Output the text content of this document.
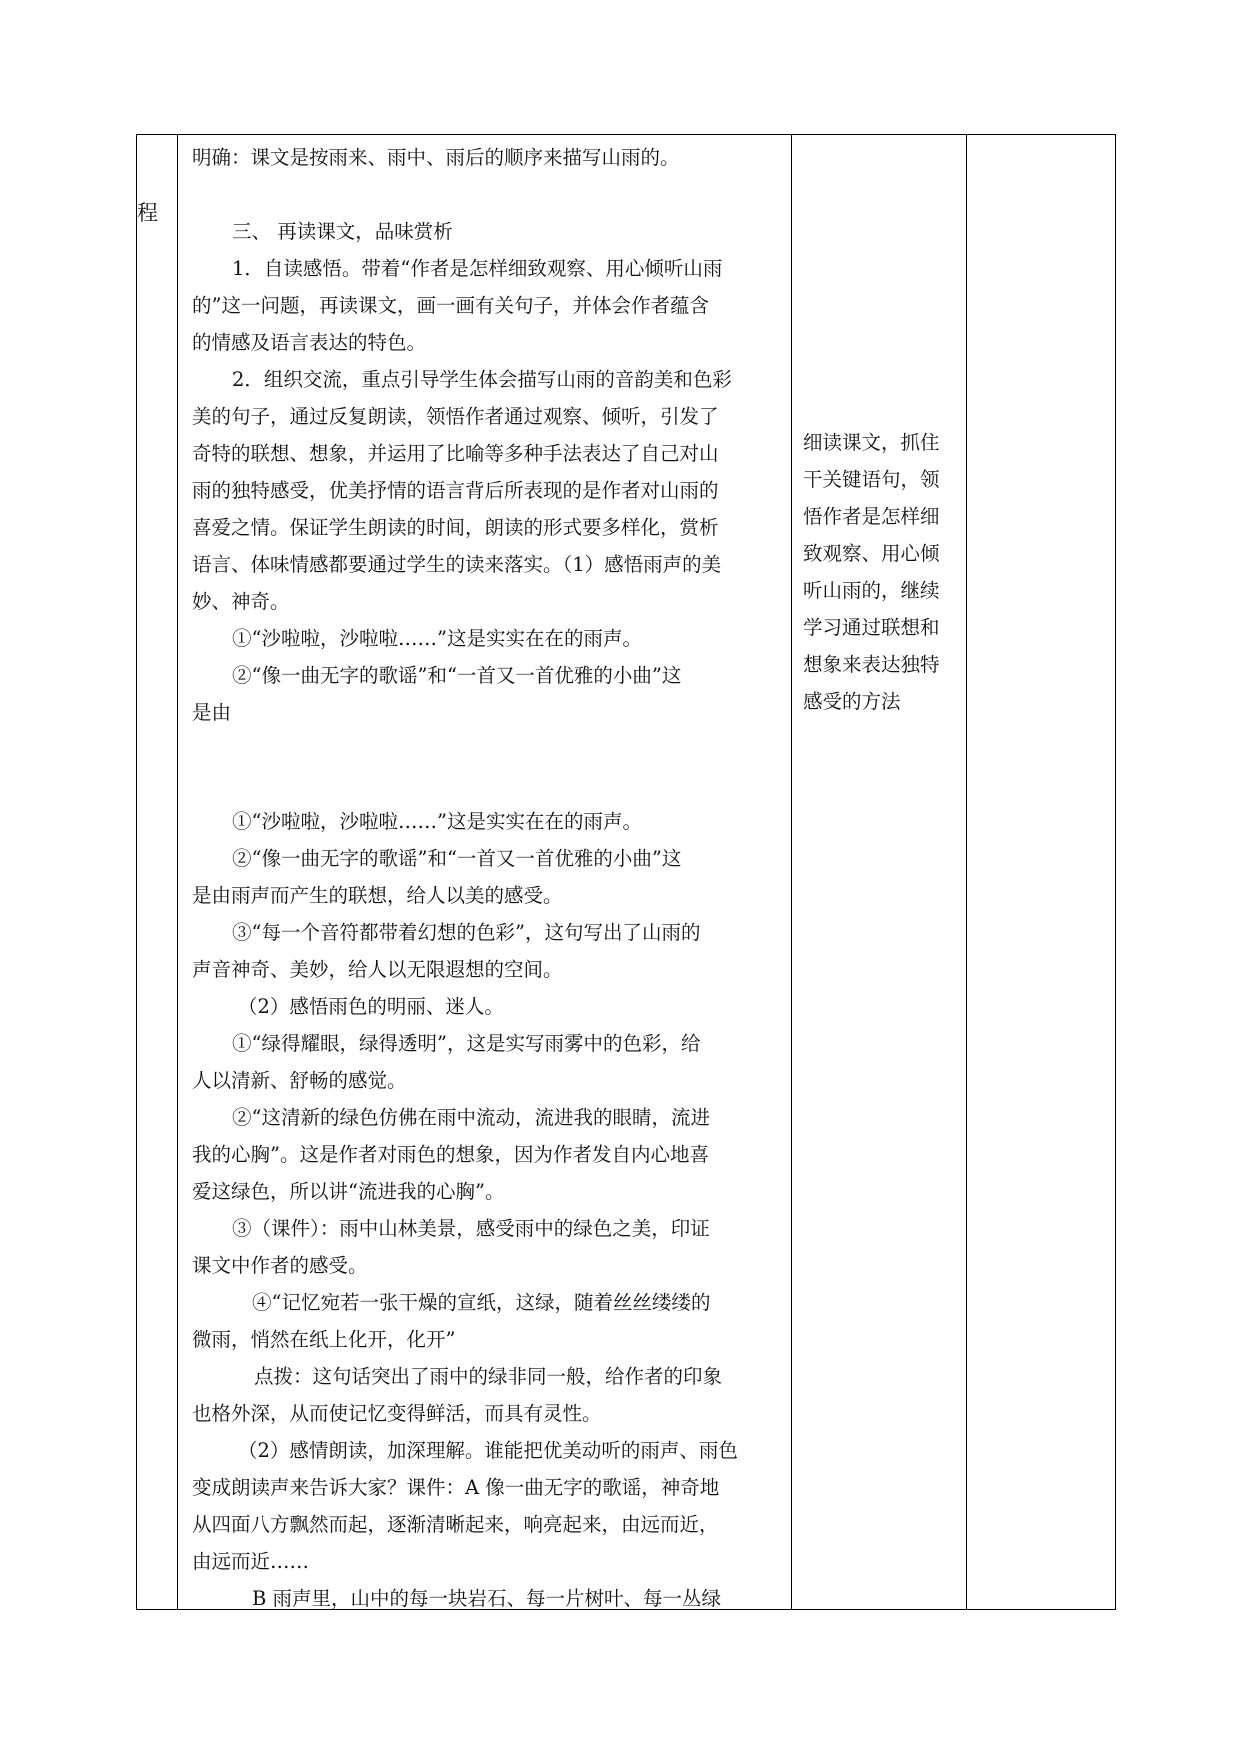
程
明确：课文是按雨来、雨中、雨后的顺序来描写山雨的。
三、 再读课文，品味赏析
1．自读感悟。带着“作者是怎样细致观察、用心倾听山雨
的”这一问题，再读课文，画一画有关句子，并体会作者蕴含
的情感及语言表达的特色。
2．组织交流，重点引导学生体会描写山雨的音韵美和色彩
美的句子，通过反复朗读，领悟作者通过观察、倾听，引发了
奇特的联想、想象，并运用了比喻等多种手法表达了自己对山
雨的独特感受，优美抒情的语言背后所表现的是作者对山雨的
喜爱之情。保证学生朗读的时间，朗读的形式要多样化，赏析
语言、体味情感都要通过学生的读来落实。（1）感悟雨声的美
妙、神奇。
①“沙啦啦，沙啦啦……”这是实实在在的雨声。
②“像一曲无字的歌谣”和“一首又一首优雅的小曲”这
是由
①“沙啦啦，沙啦啦……”这是实实在在的雨声。
②“像一曲无字的歌谣”和“一首又一首优雅的小曲”这
是由雨声而产生的联想，给人以美的感受。
③“每一个音符都带着幻想的色彩”，这句写出了山雨的
声音神奇、美妙，给人以无限遐想的空间。
（2）感悟雨色的明丽、迷人。
①“绿得耀眼，绿得透明”，这是实写雨雾中的色彩，给
人以清新、舒畅的感觉。
②“这清新的绿色仿佛在雨中流动，流进我的眼睛，流进
我的心胸”。这是作者对雨色的想象，因为作者发自内心地喜
爱这绿色，所以讲“流进我的心胸”。
③（课件）：雨中山林美景，感受雨中的绿色之美，印证
课文中作者的感受。
④“记忆宛若一张干燥的宣纸，这绿，随着丝丝缕缕的
微雨，悄然在纸上化开，化开”
点拨：这句话突出了雨中的绿非同一般，给作者的印象
也格外深，从而使记忆变得鲜活，而具有灵性。
（2）感情朗读，加深理解。谁能把优美动听的雨声、雨色
变成朗读声来告诉大家？课件：A 像一曲无字的歌谣，神奇地
从四面八方飘然而起，逐渐清晰起来，响亮起来，由远而近，
由远而近……
B 雨声里，山中的每一块岩石、每一片树叶、每一丛绿
细读课文，抓住
干关键语句，领
悟作者是怎样细
致观察、用心倾
听山雨的，继续
学习通过联想和
想象来表达独特
感受的方法
